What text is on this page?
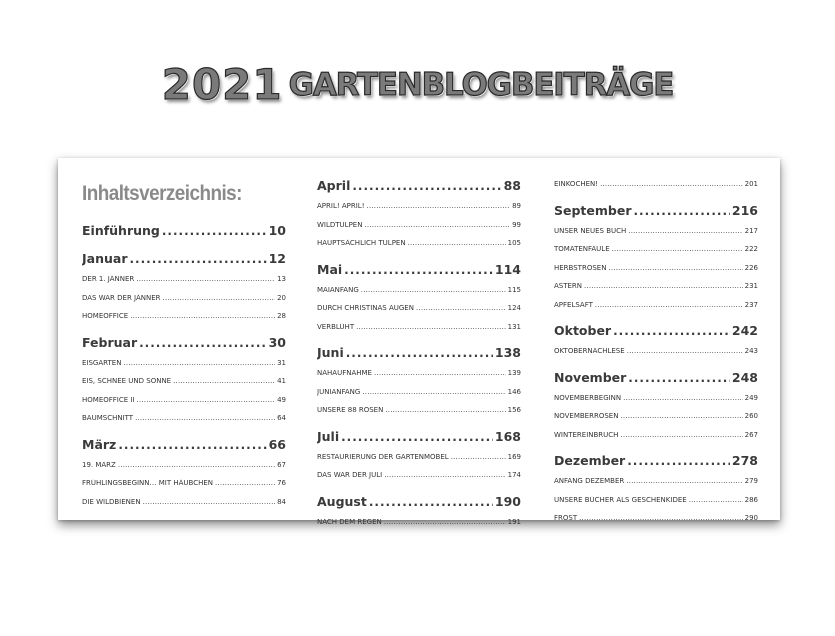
2021 GARTENBLOGBEITRÄGE
Inhaltsverzeichnis:
Einführung .....	10
Januar .....	12
DER 1. JÄNNER .....	13
DAS WAR DER JÄNNER .....	20
HOMEOFFICE .....	28
Februar .....	30
EISGARTEN .....	31
EIS, SCHNEE UND SONNE .....	41
HOMEOFFICE II .....	49
BAUMSCHNITT .....	64
März .....	66
19. MÄRZ .....	67
FRÜHLINGSBEGINN… MIT HÄUBCHEN .....	76
DIE WILDBIENEN .....	84
April .....	88
APRIL! APRIL! .....	89
WILDTULPEN .....	99
HAUPTSÄCHLICH TULPEN .....	105
Mai .....	114
MAIANFANG .....	115
DURCH CHRISTINAS AUGEN .....	124
VERBLÜHT .....	131
Juni .....	138
NAHAUFNAHME .....	139
JUNIANFANG .....	146
UNSERE 88 ROSEN .....	156
Juli .....	168
RESTAURIERUNG DER GARTENMÖBEL .....	169
DAS WAR DER JULI .....	174
August .....	190
NACH DEM REGEN .....	191
EINKOCHEN! .....	201
September .....	216
UNSER NEUES BUCH .....	217
TOMATENFÄULE .....	222
HERBSTROSEN .....	226
ASTERN .....	231
APFELSAFT .....	237
Oktober .....	242
OKTOBERNACHLESE .....	243
November .....	248
NOVEMBERBEGINN .....	249
NOVEMBERROSEN .....	260
WINTEREINBRUCH .....	267
Dezember .....	278
ANFANG DEZEMBER .....	279
UNSERE BÜCHER ALS GESCHENKIDEE .....	286
FROST .....	290
